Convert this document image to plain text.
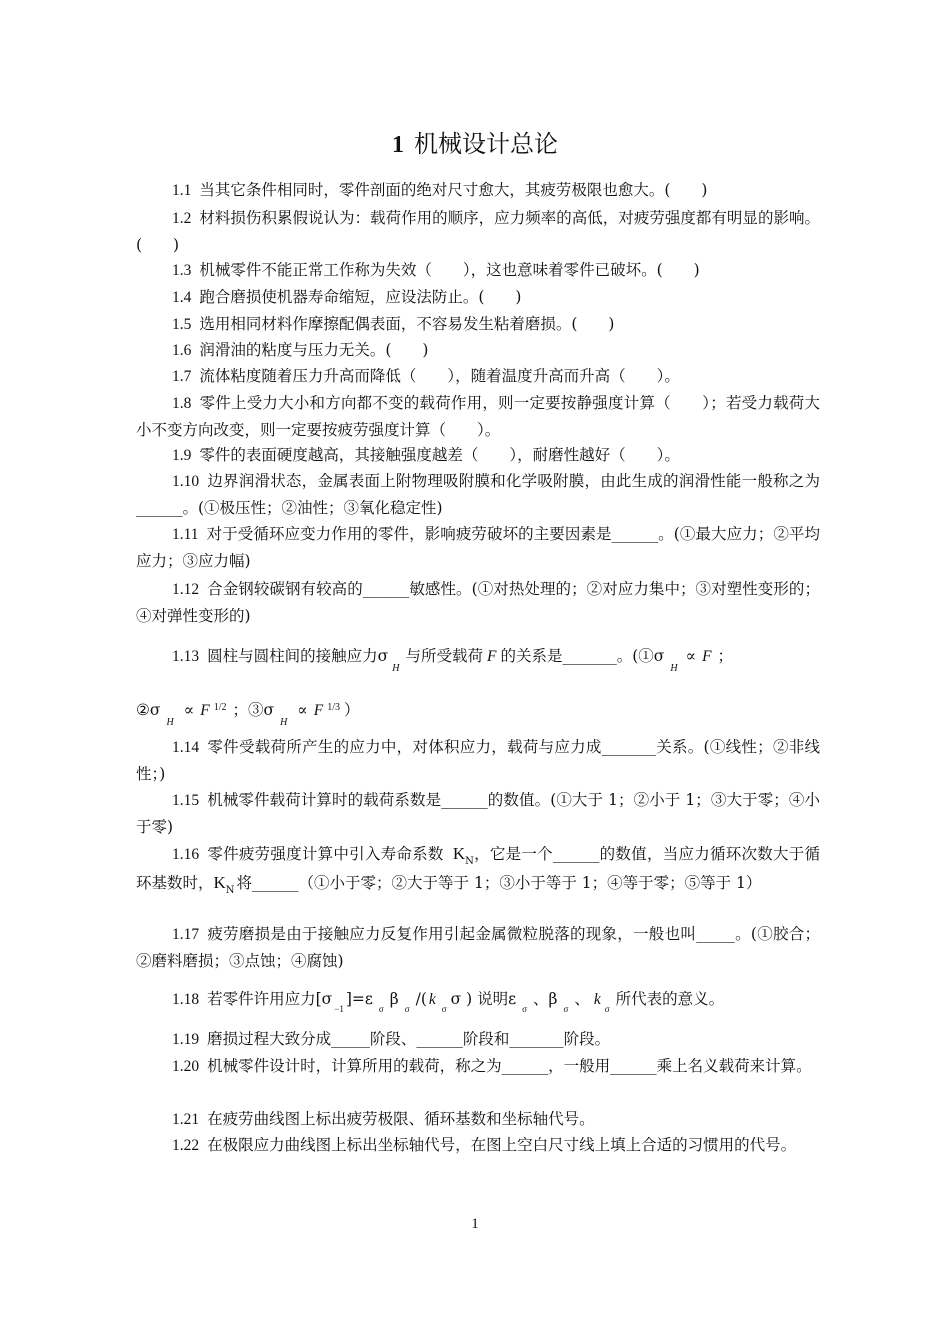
1 机械设计总论
1.1 当其它条件相同时，零件剖面的绝对尺寸愈大，其疲劳极限也愈大。(　　)
1.2 材料损伤积累假说认为：载荷作用的顺序，应力频率的高低，对疲劳强度都有明显的影响。(　　)
1.3 机械零件不能正常工作称为失效（　　），这也意味着零件已破坏。(　　)
1.4 跑合磨损使机器寿命缩短，应设法防止。(　　)
1.5 选用相同材料作摩擦配偶表面，不容易发生粘着磨损。(　　)
1.6 润滑油的粘度与压力无关。(　　)
1.7 流体粘度随着压力升高而降低（　　），随着温度升高而升高（　　）。
1.8 零件上受力大小和方向都不变的载荷作用，则一定要按静强度计算（　　）；若受力载荷大小不变方向改变，则一定要按疲劳强度计算（　　）。
1.9 零件的表面硬度越高，其接触强度越差（　　），耐磨性越好（　　）。
1.10 边界润滑状态，金属表面上附物理吸附膜和化学吸附膜，由此生成的润滑性能一般称之为______。(①极压性；②油性；③氧化稳定性)
1.11 对于受循环应变力作用的零件，影响疲劳破坏的主要因素是______。(①最大应力；②平均应力；③应力幅)
1.12 合金钢较碳钢有较高的______敏感性。(①对热处理的；②对应力集中；③对塑性变形的；④对弹性变形的)
1.13 圆柱与圆柱间的接触应力$\sigma_H$与所受载荷 F 的关系是_______。($①\sigma_H\propto F$ ；
$②\sigma_H\propto F$ $^{1/2}$ ；$③\sigma_H\propto F$ $^{1/3}$ ）
1.14 零件受载荷所产生的应力中，对体积应力，载荷与应力成_______关系。(①线性；②非线性；)
1.15 机械零件载荷计算时的载荷系数是______的数值。(①大于 1；②小于 1；③大于零；④小于零)
1.16 零件疲劳强度计算中引入寿命系数 $K_N$，它是一个______的数值，当应力循环次数大于循环基数时，$K_N$ 将______（①小于零；②大于等于 1；③小于等于 1；④等于零；⑤等于 1）
1.17 疲劳磨损是由于接触应力反复作用引起金属微粒脱落的现象，一般也叫_____。(①胶合；②磨料磨损；③点蚀；④腐蚀)
1.18 若零件许用应力$[\sigma_{-1}]=\varepsilon_\sigma\beta_\sigma/$( $k_\sigma\sigma$ ) 说明$\varepsilon_\sigma$、$\beta_\sigma$、 $k_\sigma$所代表的意义。
1.19 磨损过程大致分成_____阶段、______阶段和_______阶段。
1.20 机械零件设计时，计算所用的载荷，称之为______，一般用______乘上名义载荷来计算。
1.21 在疲劳曲线图上标出疲劳极限、循环基数和坐标轴代号。
1.22 在极限应力曲线图上标出坐标轴代号，在图上空白尺寸线上填上合适的习惯用的代号。
1
